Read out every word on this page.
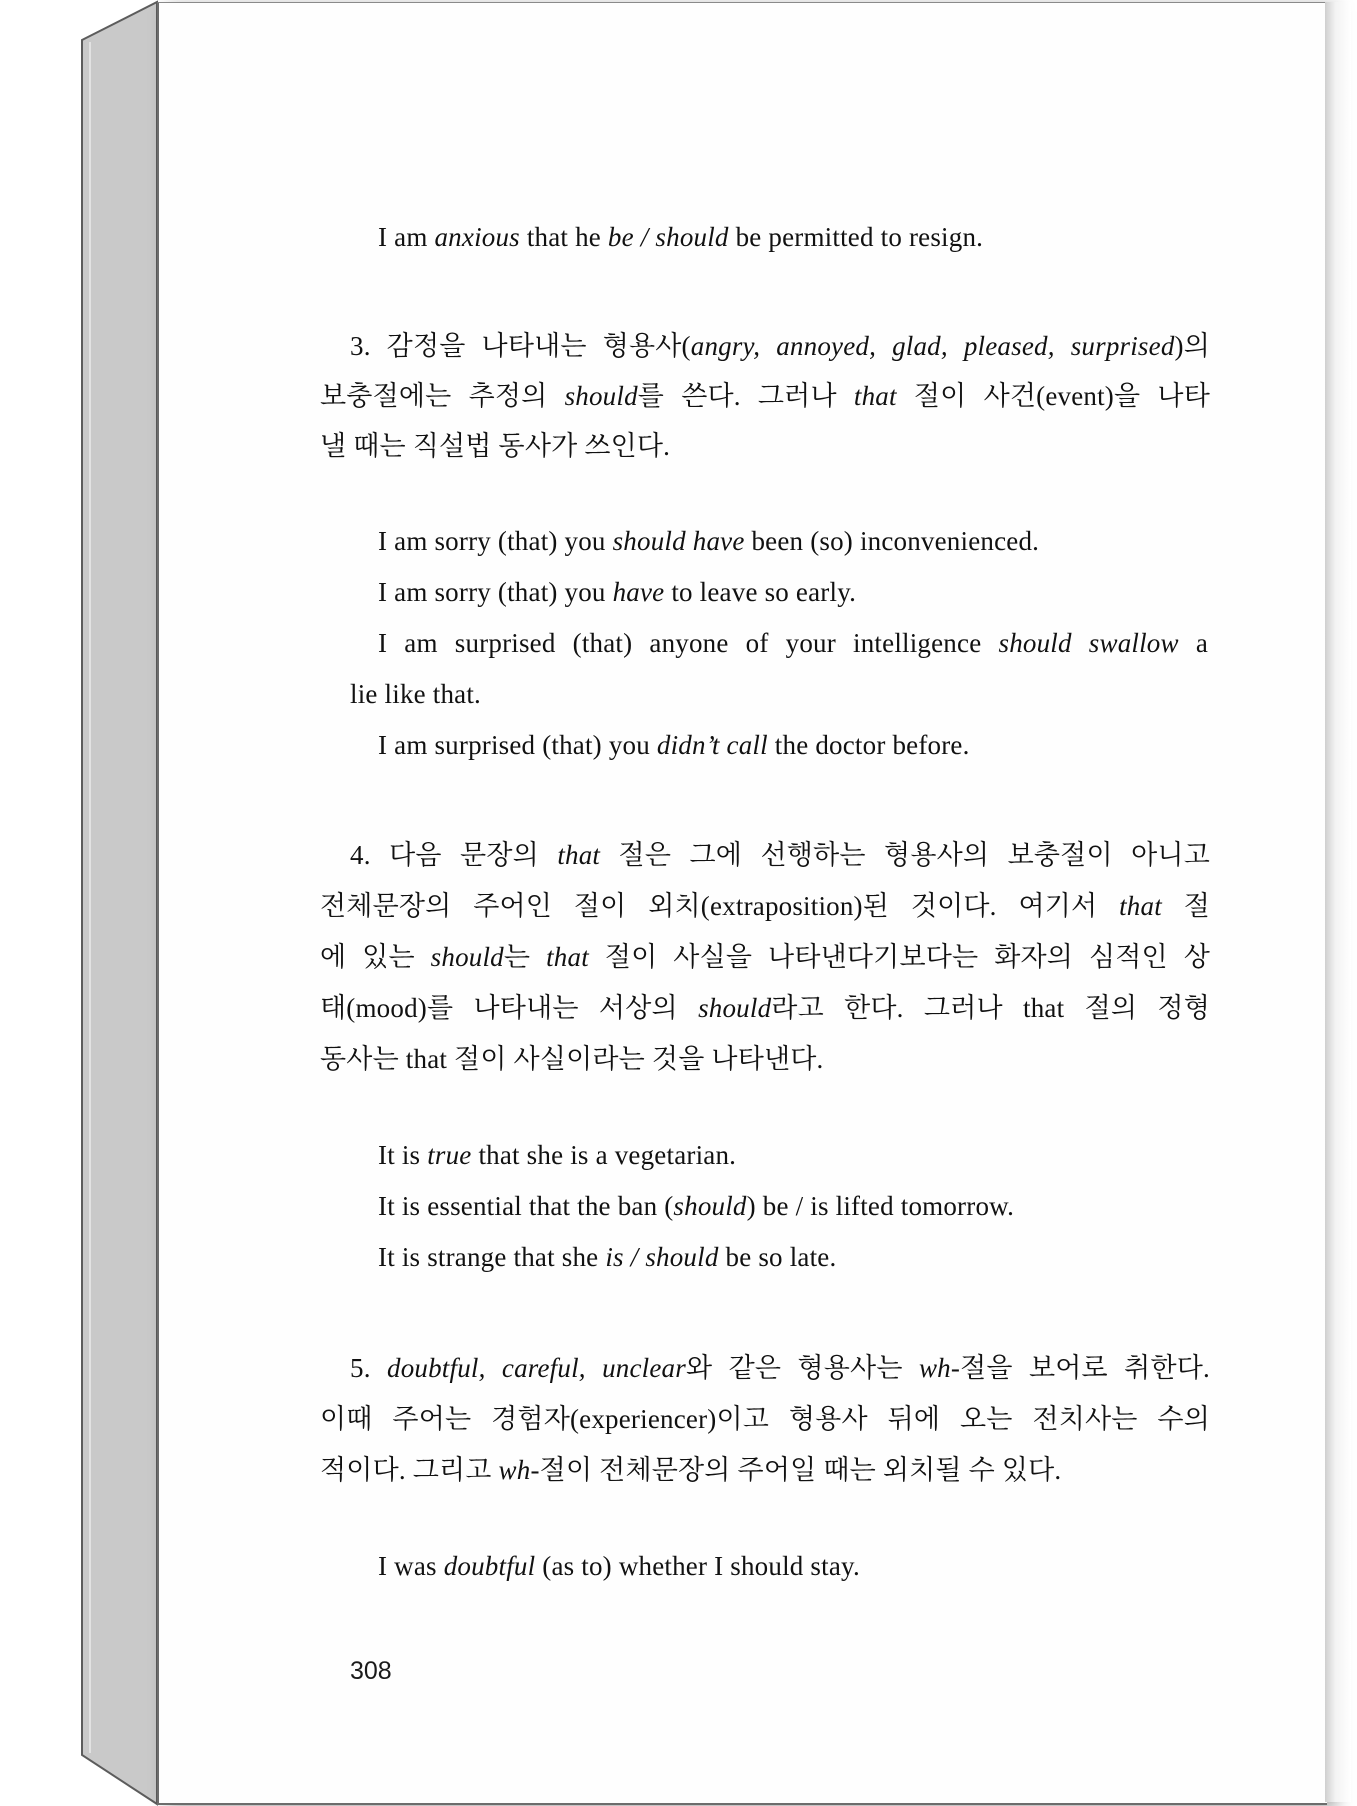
I am anxious that he be / should be permitted to resign.
3. 감정을 나타내는 형용사(angry, annoyed, glad, pleased, surprised)의
보충절에는 추정의 should를 쓴다. 그러나 that 절이 사건(event)을 나타
낼 때는 직설법 동사가 쓰인다.
I am sorry (that) you should have been (so) inconvenienced.
I am sorry (that) you have to leave so early.
I am surprised (that) anyone of your intelligence should swallow a
lie like that.
I am surprised (that) you didn’t call the doctor before.
4. 다음 문장의 that 절은 그에 선행하는 형용사의 보충절이 아니고
전체문장의 주어인 절이 외치(extraposition)된 것이다. 여기서 that 절
에 있는 should는 that 절이 사실을 나타낸다기보다는 화자의 심적인 상
태(mood)를 나타내는 서상의 should라고 한다. 그러나 that 절의 정형
동사는 that 절이 사실이라는 것을 나타낸다.
It is true that she is a vegetarian.
It is essential that the ban (should) be / is lifted tomorrow.
It is strange that she is / should be so late.
5. doubtful, careful, unclear와 같은 형용사는 wh-절을 보어로 취한다.
이때 주어는 경험자(experiencer)이고 형용사 뒤에 오는 전치사는 수의
적이다. 그리고 wh-절이 전체문장의 주어일 때는 외치될 수 있다.
I was doubtful (as to) whether I should stay.
308
